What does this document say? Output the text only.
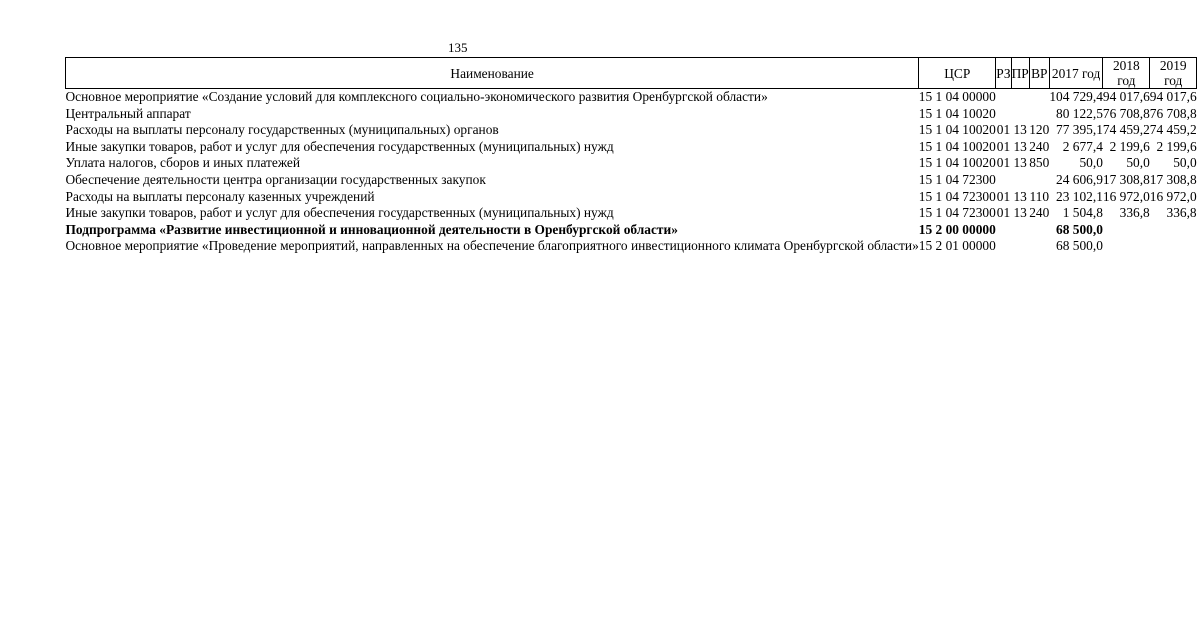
135
Наименование	ЦСР	РЗ	ПР	ВР	2017 год	2018 год	2019 год
Основное мероприятие «Создание условий для комплексного социально-экономического развития Оренбургской области»	15 1 04 00000				104 729,4	94 017,6	94 017,6
Центральный аппарат	15 1 04 10020				80 122,5	76 708,8	76 708,8
Расходы на выплаты персоналу государственных (муниципальных) органов	15 1 04 10020	01	13	120	77 395,1	74 459,2	74 459,2
Иные закупки товаров, работ и услуг для обеспечения государственных (муниципальных) нужд	15 1 04 10020	01	13	240	2 677,4	2 199,6	2 199,6
Уплата налогов, сборов и иных платежей	15 1 04 10020	01	13	850	50,0	50,0	50,0
Обеспечение деятельности центра организации государственных закупок	15 1 04 72300				24 606,9	17 308,8	17 308,8
Расходы на выплаты персоналу казенных учреждений	15 1 04 72300	01	13	110	23 102,1	16 972,0	16 972,0
Иные закупки товаров, работ и услуг для обеспечения государственных (муниципальных) нужд	15 1 04 72300	01	13	240	1 504,8	336,8	336,8
Подпрограмма «Развитие инвестиционной и инновационной деятельности в Оренбургской области»	15 2 00 00000				68 500,0		
Основное мероприятие «Проведение мероприятий, направленных на обеспечение благоприятного инвестиционного климата Оренбургской области»	15 2 01 00000				68 500,0		
